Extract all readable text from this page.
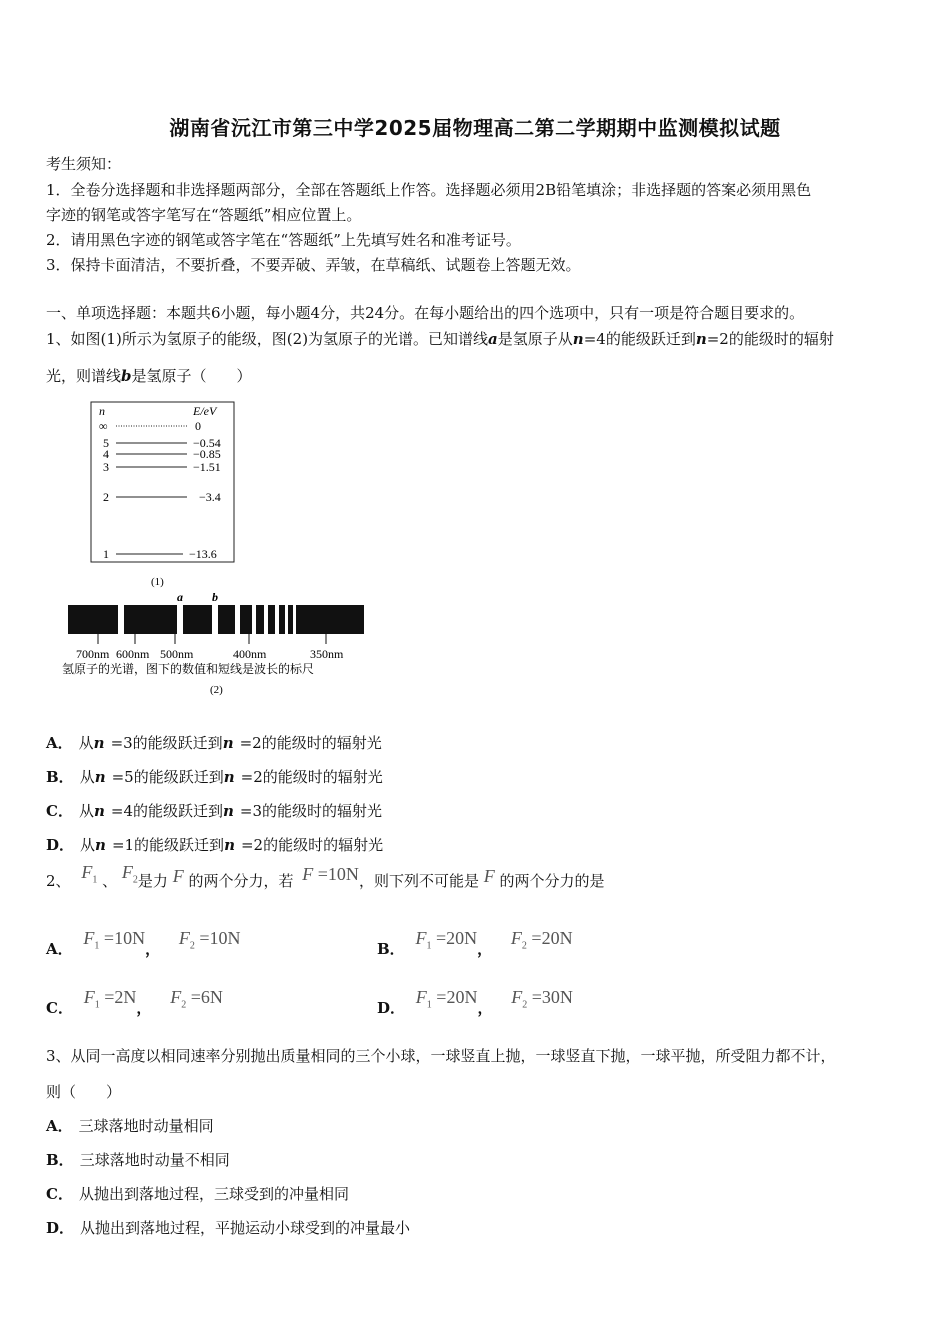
湖南省沅江市第三中学2025届物理高二第二学期期中监测模拟试题
考生须知：
1．全卷分选择题和非选择题两部分，全部在答题纸上作答。选择题必须用2B铅笔填涂；非选择题的答案必须用黑色
字迹的钢笔或答字笔写在“答题纸”相应位置上。
2．请用黑色字迹的钢笔或答字笔在“答题纸”上先填写姓名和准考证号。
3．保持卡面清洁，不要折叠，不要弄破、弄皱，在草稿纸、试题卷上答题无效。
一、单项选择题：本题共6小题，每小题4分，共24分。在每小题给出的四个选项中，只有一项是符合题目要求的。
1、如图(1)所示为氢原子的能级，图(2)为氢原子的光谱。已知谱线a是氢原子从n=4的能级跃迁到n=2的能级时的辐射
光，则谱线b是氢原子（　　）
n	E/eV
∞	0
5	−0.54
4	−0.85
3	−1.51
2	−3.4
1	−13.6
(1)
a b
700nm 600nm 500nm	400nm	350nm
氢原子的光谱，图下的数值和短线是波长的标尺
(2)
A． 从n =3的能级跃迁到n =2的能级时的辐射光
B． 从n =5的能级跃迁到n =2的能级时的辐射光
C． 从n =4的能级跃迁到n =3的能级时的辐射光
D． 从n =1的能级跃迁到n =2的能级时的辐射光
2、 $F_1$ 、 $F_2$是力 F 的两个分力，若 F =10N，则下列不可能是 F 的两个分力的是
A． $F_1 =10N$， $F_2 =10N$
B． $F_1 =20N$， $F_2 =20N$
C． $F_1 =2N$， $F_2 =6N$
D． $F_1 =20N$， $F_2 =30N$
3、从同一高度以相同速率分别抛出质量相同的三个小球，一球竖直上抛，一球竖直下抛，一球平抛，所受阻力都不计，
则（　　）
A． 三球落地时动量相同
B． 三球落地时动量不相同
C． 从抛出到落地过程，三球受到的冲量相同
D． 从抛出到落地过程，平抛运动小球受到的冲量最小
